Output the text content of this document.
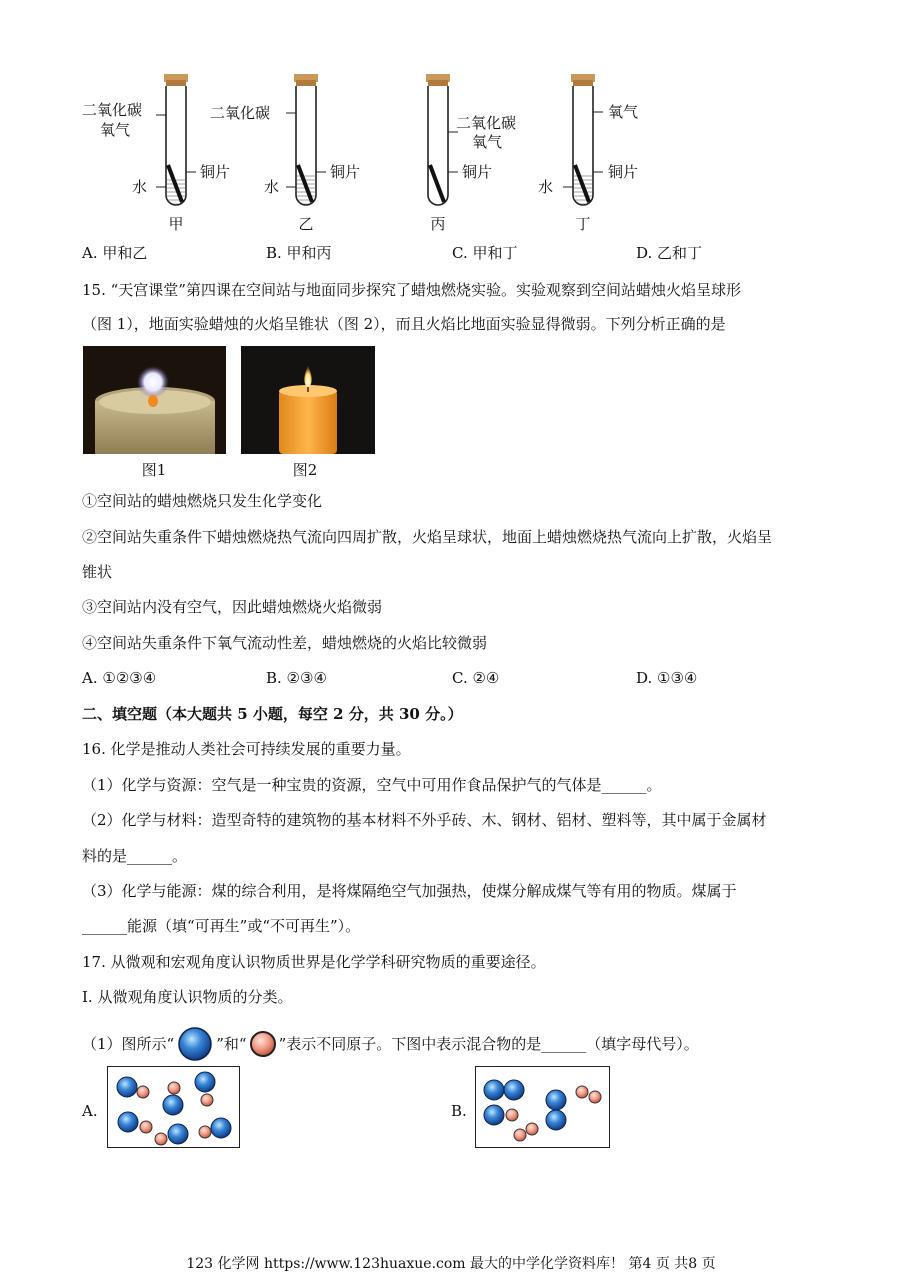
二氧化碳
氧气
铜片
水
甲
二氧化碳
铜片
水
乙
二氧化碳
氧气
铜片
丙
氧气
铜片
水
丁
A. 甲和乙	B. 甲和丙	C. 甲和丁	D. 乙和丁
15. “天宫课堂”第四课在空间站与地面同步探究了蜡烛燃烧实验。实验观察到空间站蜡烛火焰呈球形
（图 1），地面实验蜡烛的火焰呈锥状（图 2），而且火焰比地面实验显得微弱。下列分析正确的是
图1	图2
①空间站的蜡烛燃烧只发生化学变化
②空间站失重条件下蜡烛燃烧热气流向四周扩散，火焰呈球状，地面上蜡烛燃烧热气流向上扩散，火焰呈
锥状
③空间站内没有空气，因此蜡烛燃烧火焰微弱
④空间站失重条件下氧气流动性差，蜡烛燃烧的火焰比较微弱
A. ①②③④	B. ②③④	C. ②④	D. ①③④
二、填空题（本大题共 5 小题，每空 2 分，共 30 分。）
16. 化学是推动人类社会可持续发展的重要力量。
（1）化学与资源：空气是一种宝贵的资源，空气中可用作食品保护气的气体是______。
（2）化学与材料：造型奇特的建筑物的基本材料不外乎砖、木、钢材、铝材、塑料等，其中属于金属材
料的是______。
（3）化学与能源：煤的综合利用，是将煤隔绝空气加强热，使煤分解成煤气等有用的物质。煤属于
______能源（填“可再生”或“不可再生”）。
17. 从微观和宏观角度认识物质世界是化学学科研究物质的重要途径。
I. 从微观角度认识物质的分类。
（1）图所示“	”和“ ”表示不同原子。下图中表示混合物的是______（填字母代号）。
A.	B.
123 化学网 https://www.123huaxue.com 最大的中学化学资料库！ 第4 页 共8 页
